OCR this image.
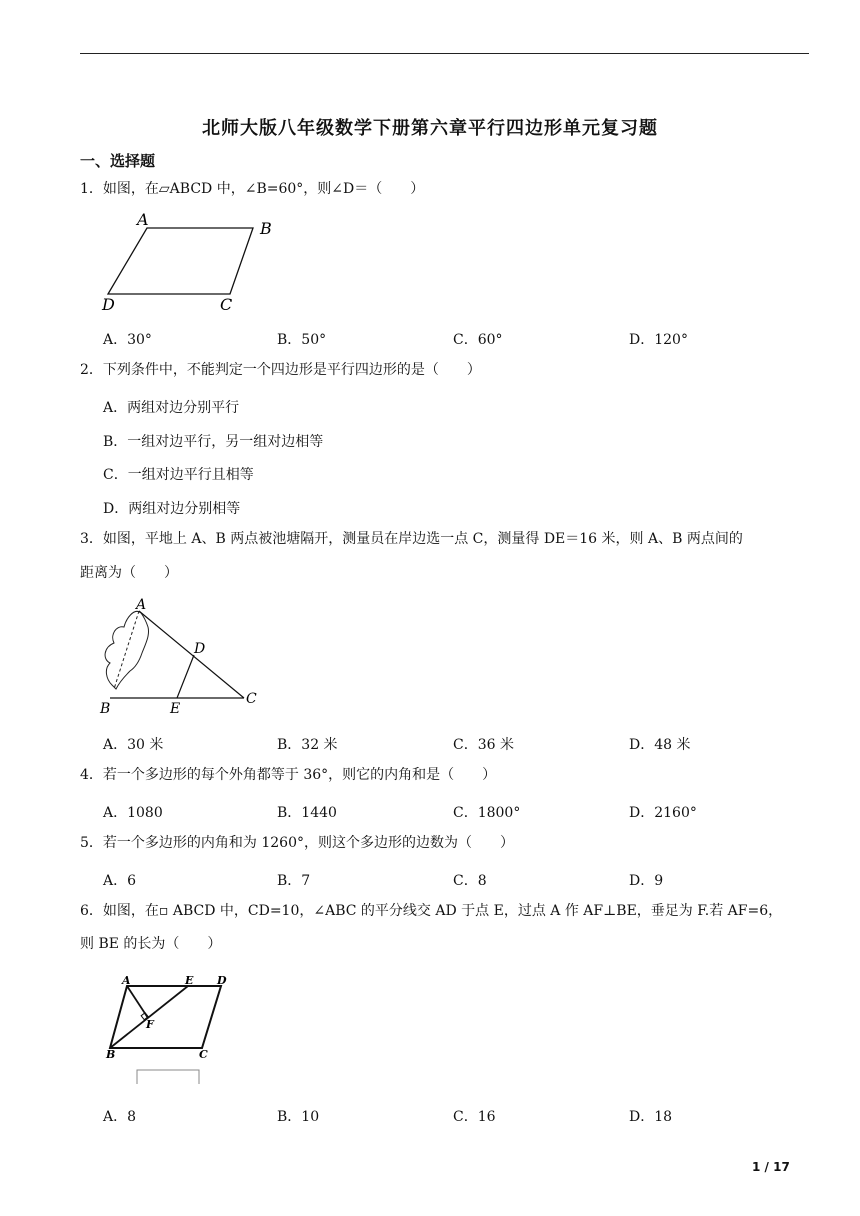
北师大版八年级数学下册第六章平行四边形单元复习题
一、选择题
1．如图，在▱ABCD 中，∠B=60°，则∠D＝（　　）
A	B
C
D
A．30°	B．50°	C．60°	D．120°
2．下列条件中，不能判定一个四边形是平行四边形的是（　　）
A．两组对边分别平行
B．一组对边平行，另一组对边相等
C．一组对边平行且相等
D．两组对边分别相等
3．如图，平地上 A、B 两点被池塘隔开，测量员在岸边选一点 C，测量得 DE＝16 米，则 A、B 两点间的
距离为（　　）
A
B
C
D
E
A．30 米	B．32 米	C．36 米	D．48 米
4．若一个多边形的每个外角都等于 36°，则它的内角和是（　　）
A．1080	B．1440	C．1800°	D．2160°
5．若一个多边形的内角和为 1260°，则这个多边形的边数为（　　）
A．6	B．7	C．8	D．9
6．如图，在▫ ABCD 中，CD=10，∠ABC 的平分线交 AD 于点 E，过点 A 作 AF⊥BE，垂足为 F.若 AF=6，
则 BE 的长为（　　）
A	E D
F
B	C
A．8	B．10	C．16	D．18
1 / 17
